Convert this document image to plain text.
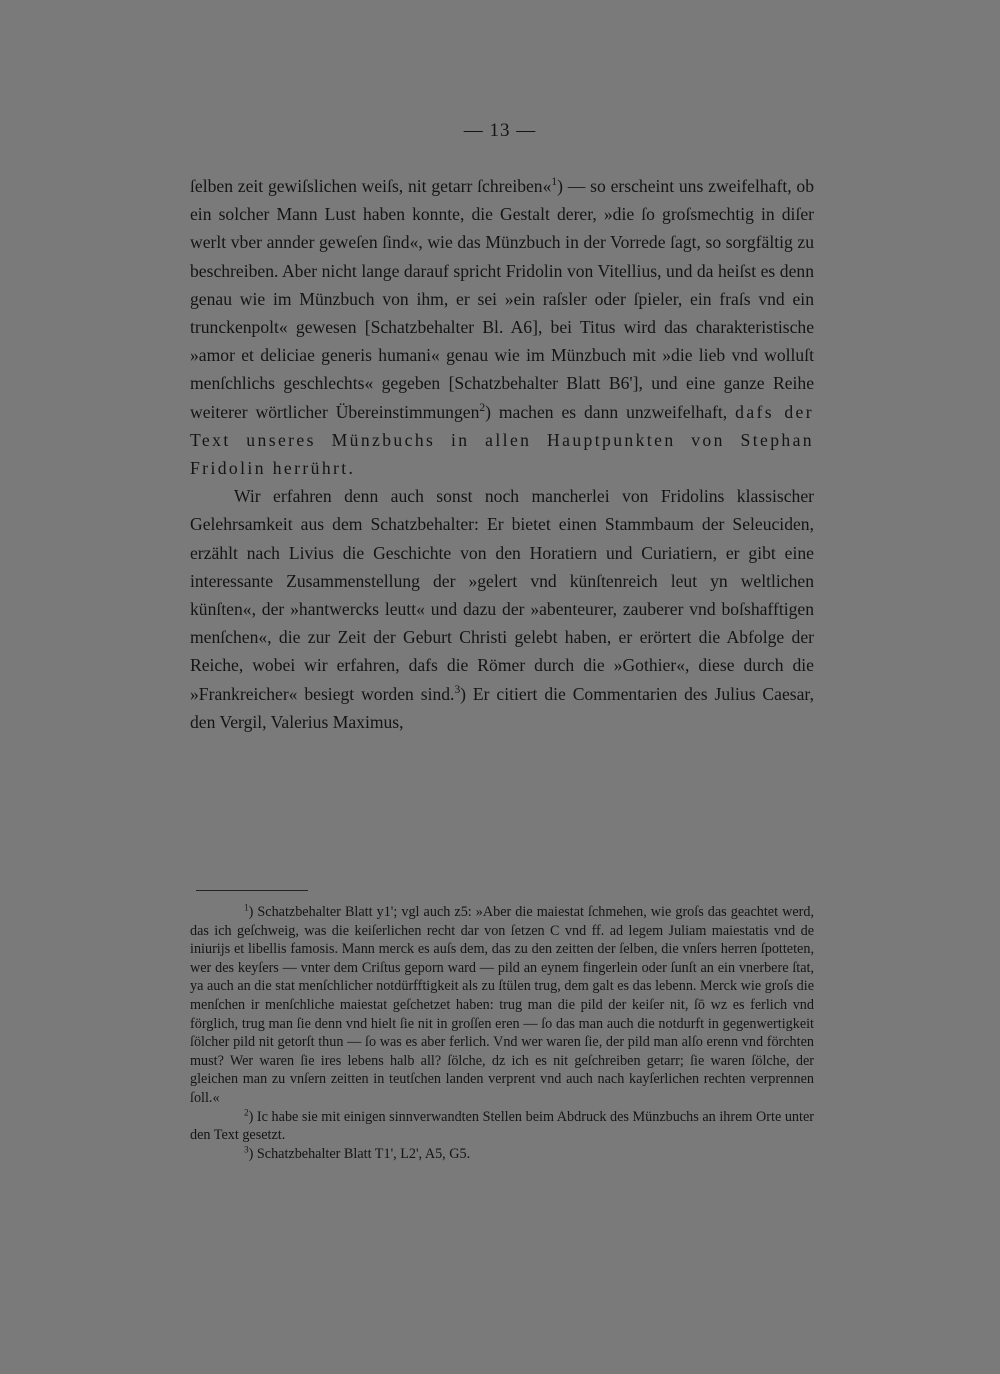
— 13 —

ſelben zeit gewiſslichen weiſs, nit getarr ſchreiben«$^1$) — so erscheint uns zweifelhaft, ob ein solcher Mann Lust haben konnte, die Gestalt derer, »die ſo groſsmechtig in diſer werlt vber annder geweſen ſind«, wie das Münzbuch in der Vorrede ſagt, so sorgfältig zu beschreiben. Aber nicht lange darauf spricht Fridolin von Vitellius, und da heiſst es denn genau wie im Münzbuch von ihm, er sei »ein raſsler oder ſpieler, ein fraſs vnd ein trunckenpolt« gewesen [Schatzbehalter Bl. A6], bei Titus wird das charakteristische »amor et deliciae generis humani« genau wie im Münzbuch mit »die lieb vnd wolluſt menſchlichs geschlechts« gegeben [Schatzbehalter Blatt B6'], und eine ganze Reihe weiterer wörtlicher Übereinstimmungen$^2$) machen es dann unzweifelhaft, dafs der Text unseres Münzbuchs in allen Hauptpunkten von Stephan Fridolin herrührt.

Wir erfahren denn auch sonst noch mancherlei von Fridolins klassischer Gelehrsamkeit aus dem Schatzbehalter: Er bietet einen Stammbaum der Seleuciden, erzählt nach Livius die Geschichte von den Horatiern und Curiatiern, er gibt eine interessante Zusammenstellung der »gelert vnd künſtenreich leut yn weltlichen künſten«, der »hantwercks leutt« und dazu der »abenteurer, zauberer vnd boſshafftigen menſchen«, die zur Zeit der Geburt Christi gelebt haben, er erörtert die Abfolge der Reiche, wobei wir erfahren, dafs die Römer durch die »Gothier«, diese durch die »Frankreicher« besiegt worden sind.$^3$) Er citiert die Commentarien des Julius Caesar, den Vergil, Valerius Maximus,

$^1$) Schatzbehalter Blatt y1'; vgl auch z5: »Aber die maiestat ſchmehen, wie groſs das geachtet werd, das ich geſchweig, was die keiſerlichen recht dar von ſetzen C vnd ff. ad legem Juliam maiestatis vnd de iniurijs et libellis famosis. Mann merck es auſs dem, das zu den zeitten der ſelben, die vnſers herren ſpotteten, wer des keyſers — vnter dem Criſtus geporn ward — pild an eynem fingerlein oder ſunſt an ein vnerbere ſtat, ya auch an die stat menſchlicher notdürfftigkeit als zu ſtülen trug, dem galt es das lebenn. Merck wie groſs die menſchen ir menſchliche maiestat geſchetzet haben: trug man die pild der keiſer nit, ſō wz es ferlich vnd förglich, trug man ſie denn vnd hielt ſie nit in groſſen eren — ſo das man auch die notdurft in gegenwertigkeit ſölcher pild nit getorſt thun — ſo was es aber ferlich. Vnd wer waren ſie, der pild man alſo erenn vnd förchten must? Wer waren ſie ires lebens halb all? ſölche, dz ich es nit geſchreiben getarr; ſie waren ſölche, der gleichen man zu vnſern zeitten in teutſchen landen verprent vnd auch nach kayſerlichen rechten verprennen ſoll.«

$^2$) Ic habe sie mit einigen sinnverwandten Stellen beim Abdruck des Münzbuchs an ihrem Orte unter den Text gesetzt.

$^3$) Schatzbehalter Blatt T1', L2', A5, G5.
